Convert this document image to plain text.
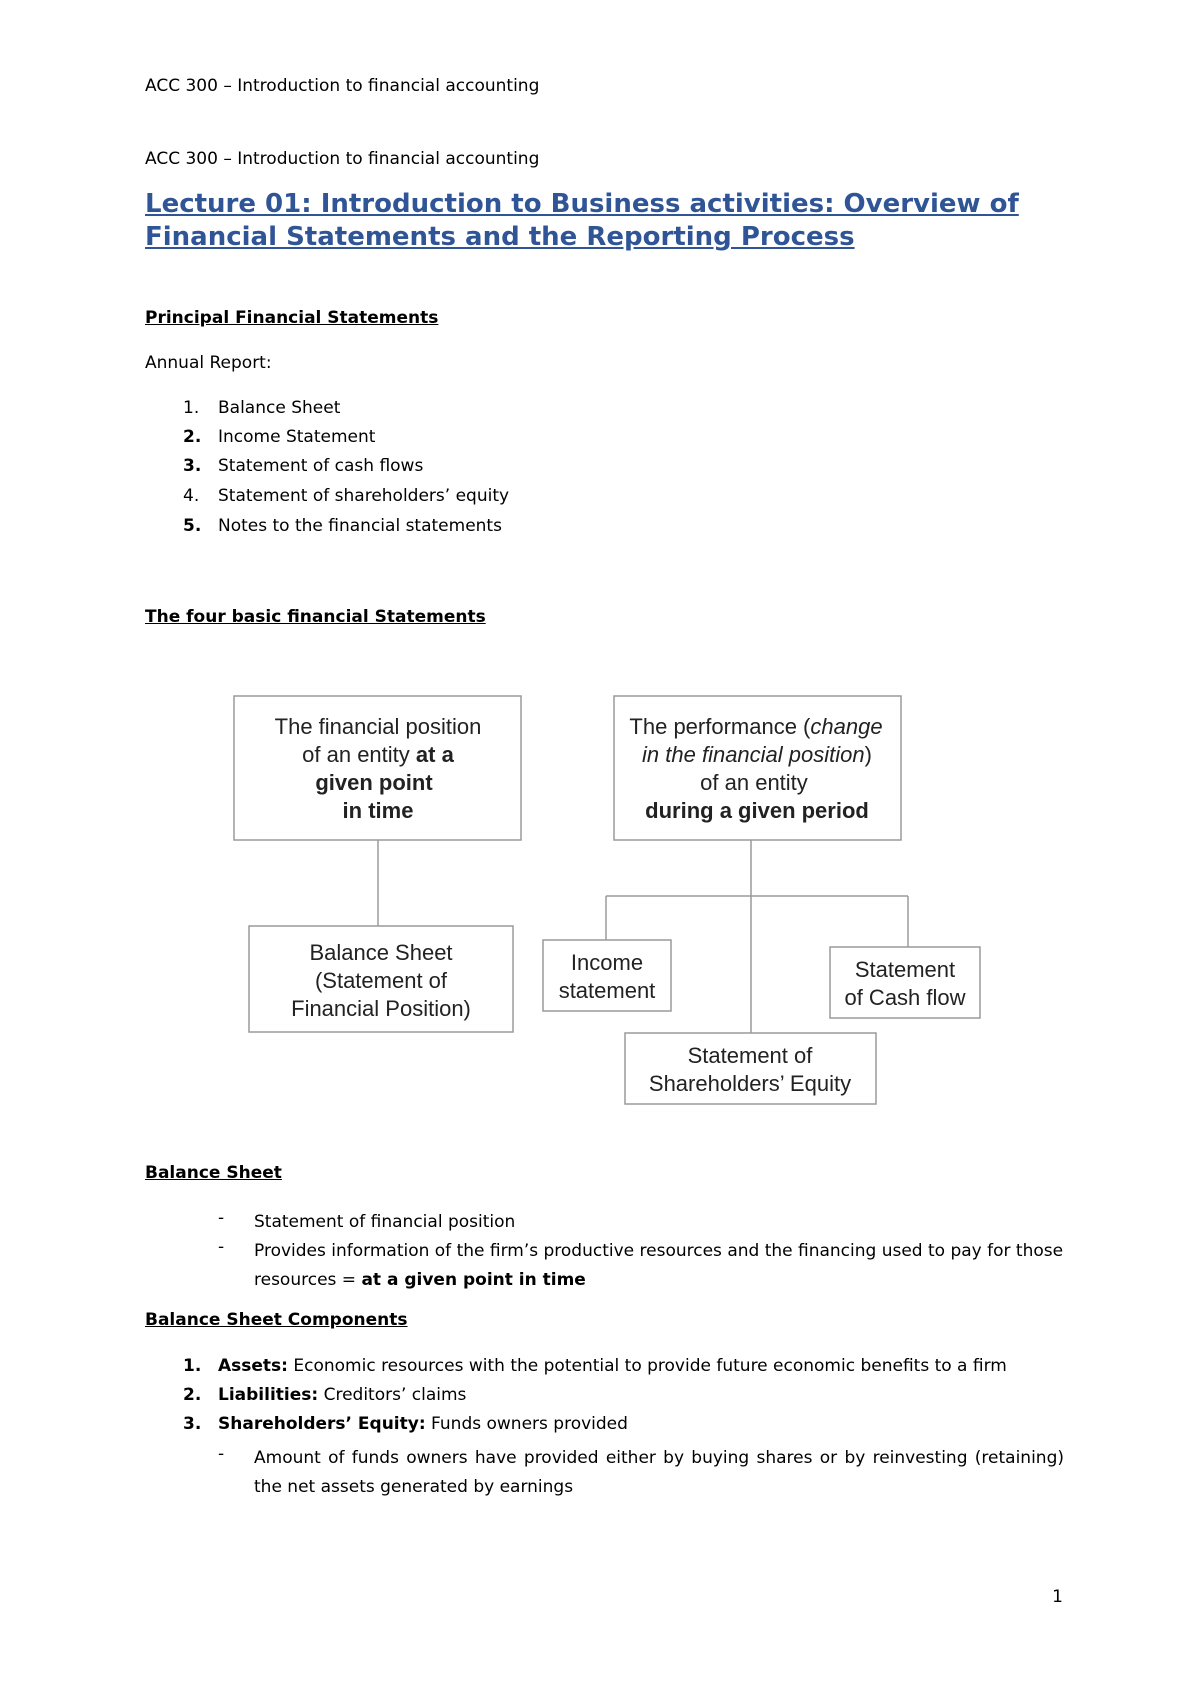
ACC 300 – Introduction to financial accounting
ACC 300 – Introduction to financial accounting
Lecture 01: Introduction to Business activities: Overview of Financial Statements and the Reporting Process
Principal Financial Statements
Annual Report:
1. Balance Sheet
2. Income Statement
3. Statement of cash flows
4. Statement of shareholders’ equity
5. Notes to the financial statements
The four basic financial Statements
The financial position
of an entity at a
given point
in time
The performance (change
in the financial position)
of an entity
during a given period
Balance Sheet
(Statement of
Financial Position)
Income
statement
Statement
of Cash flow
Statement of
Shareholders’ Equity
Balance Sheet
- Statement of financial position
- Provides information of the firm’s productive resources and the financing used to pay for those resources = at a given point in time
Balance Sheet Components
1. Assets: Economic resources with the potential to provide future economic benefits to a firm
2. Liabilities: Creditors’ claims
3. Shareholders’ Equity: Funds owners provided
- Amount of funds owners have provided either by buying shares or by reinvesting (retaining) the net assets generated by earnings
1
